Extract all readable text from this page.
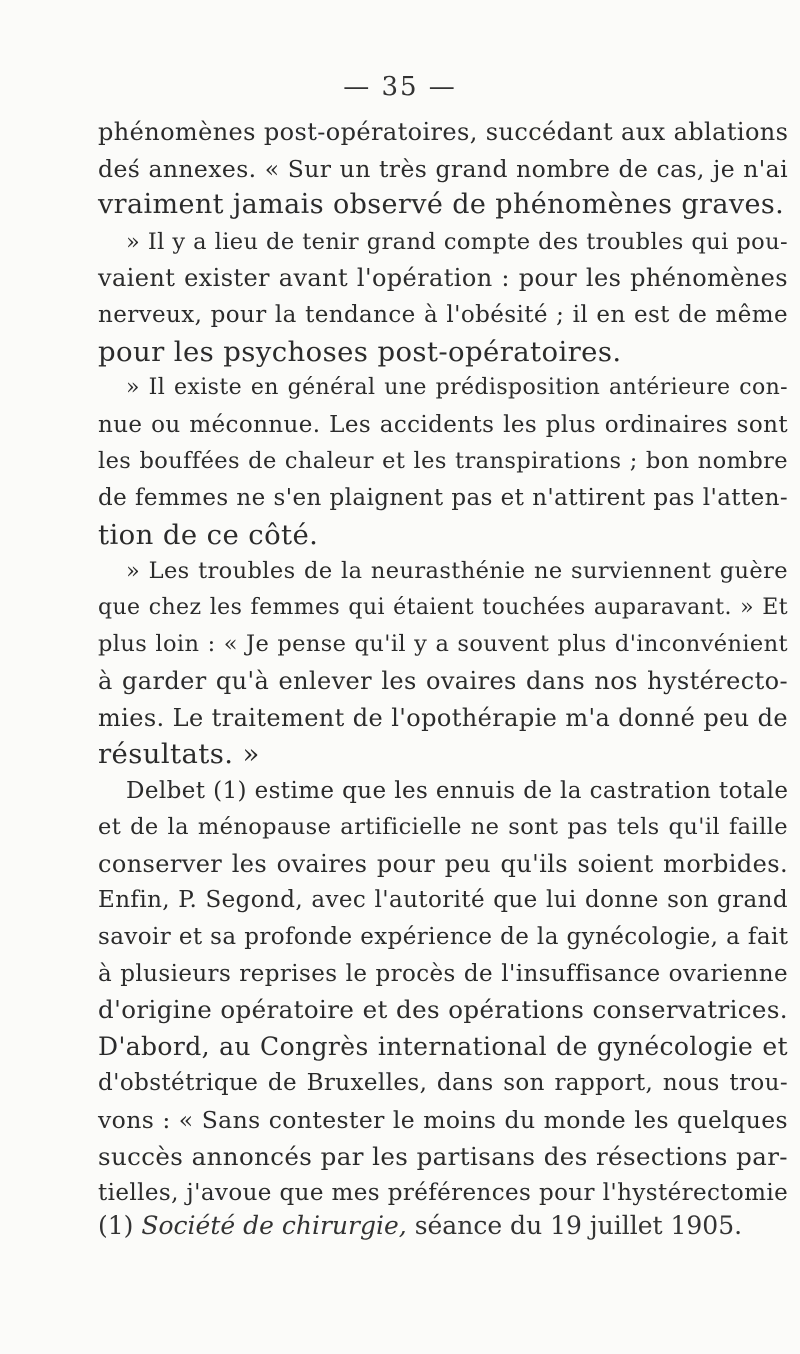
— 35 —
phénomènes post-opératoires, succédant aux ablations
deś annexes. « Sur un très grand nombre de cas, je n'ai
vraiment jamais observé de phénomènes graves.
» Il y a lieu de tenir grand compte des troubles qui pou-
vaient exister avant l'opération : pour les phénomènes
nerveux, pour la tendance à l'obésité ; il en est de même
pour les psychoses post-opératoires.
» Il existe en général une prédisposition antérieure con-
nue ou méconnue. Les accidents les plus ordinaires sont
les bouffées de chaleur et les transpirations ; bon nombre
de femmes ne s'en plaignent pas et n'attirent pas l'atten-
tion de ce côté.
» Les troubles de la neurasthénie ne surviennent guère
que chez les femmes qui étaient touchées auparavant. » Et
plus loin : « Je pense qu'il y a souvent plus d'inconvénient
à garder qu'à enlever les ovaires dans nos hystérecto-
mies. Le traitement de l'opothérapie m'a donné peu de
résultats. »
Delbet (1) estime que les ennuis de la castration totale
et de la ménopause artificielle ne sont pas tels qu'il faille
conserver les ovaires pour peu qu'ils soient morbides.
Enfin, P. Segond, avec l'autorité que lui donne son grand
savoir et sa profonde expérience de la gynécologie, a fait
à plusieurs reprises le procès de l'insuffisance ovarienne
d'origine opératoire et des opérations conservatrices.
D'abord, au Congrès international de gynécologie et
d'obstétrique de Bruxelles, dans son rapport, nous trou-
vons : « Sans contester le moins du monde les quelques
succès annoncés par les partisans des résections par-
tielles, j'avoue que mes préférences pour l'hystérectomie
(1) Société de chirurgie, séance du 19 juillet 1905.
